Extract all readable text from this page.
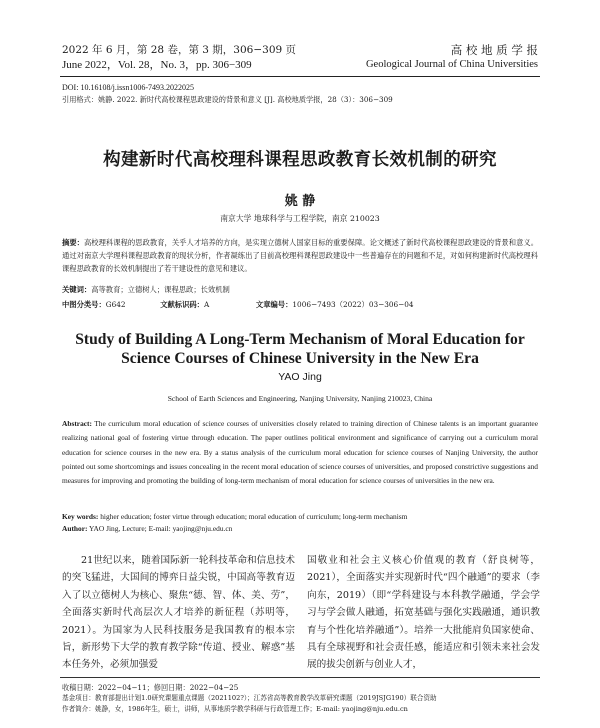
2022 年 6 月，第 28 卷，第 3 期，306−309 页
June 2022，Vol. 28，No. 3，pp. 306−309
高 校 地 质 学 报
Geological Journal of China Universities
DOI: 10.16108/j.issn1006-7493.2022025
引用格式：姚静. 2022. 新时代高校课程思政建设的背景和意义 [J]. 高校地质学报，28（3）：306−309
构建新时代高校理科课程思政教育长效机制的研究
姚 静
南京大学 地球科学与工程学院，南京 210023
摘要：高校理科课程的思政教育，关乎人才培养的方向，是实现立德树人国家目标的重要保障。论文概述了新时代高校课程思政建设的背景和意义。通过对南京大学理科课程思政教育的现状分析，作者凝练出了目前高校理科课程思政建设中一些普遍存在的问题和不足，对如何构建新时代高校理科课程思政教育的长效机制提出了若干建设性的意见和建议。
关键词：高等教育；立德树人；课程思政；长效机制
中图分类号：G642	文献标识码：A	文章编号：1006−7493（2022）03−306−04
Study of Building A Long-Term Mechanism of Moral Education for
Science Courses of Chinese University in the New Era
YAO Jing
School of Earth Sciences and Engineering, Nanjing University, Nanjing 210023, China
Abstract: The curriculum moral education of science courses of universities closely related to training direction of Chinese talents is an important guarantee realizing national goal of fostering virtue through education. The paper outlines political environment and significance of carrying out a curriculum moral education for science courses in the new era. By a status analysis of the curriculum moral education for science courses of Nanjing University, the author pointed out some shortcomings and issues concealing in the recent moral education of science courses of universities, and proposed constrictive suggestions and measures for improving and promoting the building of long-term mechanism of moral education for science courses of universities in the new era.
Key words: higher education; foster virtue through education; moral education of curriculum; long-term mechanism
Author: YAO Jing, Lecture; E-mail: yaojing@nju.edu.cn
21世纪以来，随着国际新一轮科技革命和信息技术的突飞猛进，大国间的博弈日益尖锐，中国高等教育迈入了以立德树人为核心、聚焦“德、智、体、美、劳”，全面落实新时代高层次人才培养的新征程（苏明等，2021）。为国家为人民科技服务是我国教育的根本宗旨，新形势下大学的教育教学除“传道、授业、解惑”基本任务外，必须加强爱
国敬业和社会主义核心价值观的教育（舒良树等，2021），全面落实并实现新时代“四个融通”的要求（李向东，2019）（即“学科建设与本科教学融通，学会学习与学会做人融通，拓宽基础与强化实践融通，通识教育与个性化培养融通”）。培养一大批能肩负国家使命、具有全球视野和社会责任感，能适应和引领未来社会发展的拔尖创新与创业人才，
收稿日期：2022−04−11；修回日期：2022−04−25
基金项目：教育部提出计划1.0研究课题重点课题（2021102?）；江苏省高等教育教学改革研究课题（2019JSJG190）联合资助
作者简介：姚静，女，1986年生，硕士，讲师，从事地质学教学科研与行政管理工作；E-mail: yaojing@nju.edu.cn
